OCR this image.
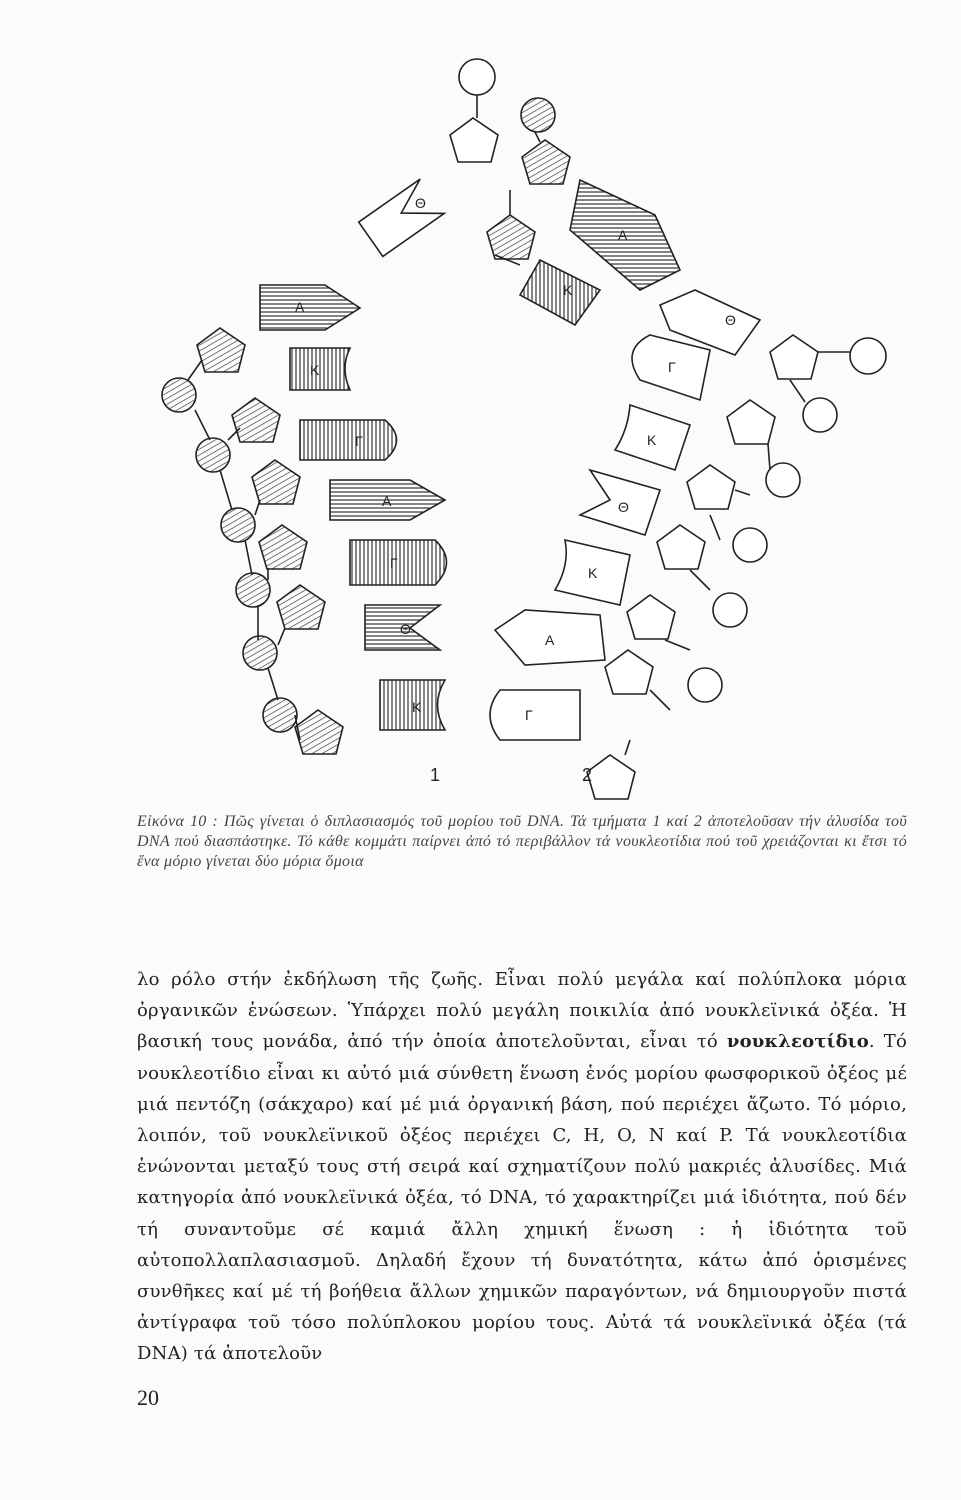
Θ
Α
Κ
Γ
Α
Γ
Θ
Κ
Α
Κ
Θ
Γ
Κ
Θ
Κ
Α
Γ
1	2
Εἰκόνα 10 : Πῶς γίνεται ὁ διπλασιασμός τοῦ μορίου τοῦ DNA. Τά τμήματα 1 καί 2 ἀποτελοῦσαν τήν ἁλυσίδα τοῦ DNA πού διασπάστηκε. Τό κάθε κομμάτι παίρνει ἀπό τό περιβάλλον τά νουκλεοτίδια πού τοῦ χρειάζονται κι ἔτσι τό ἕνα μόριο γίνεται δύο μόρια ὅμοια
λο ρόλο στήν ἐκδήλωση τῆς ζωῆς. Εἶναι πολύ μεγάλα καί πολύπλοκα μόρια ὀργανικῶν ἑνώσεων. Ὑπάρχει πολύ μεγάλη ποικιλία ἀπό νουκλεϊνικά ὀξέα. Ἡ βασική τους μονάδα, ἀπό τήν ὁποία ἀποτελοῦνται, εἶναι τό νουκλεοτίδιο. Τό νουκλεοτίδιο εἶναι κι αὐτό μιά σύνθετη ἕνωση ἑνός μορίου φωσφορικοῦ ὀξέος μέ μιά πεντόζη (σάκχαρο) καί μέ μιά ὀργανική βάση, πού περιέχει ἄζωτο. Τό μόριο, λοιπόν, τοῦ νουκλεϊνικοῦ ὀξέος περιέχει C, H, O, N καί P. Τά νουκλεοτίδια ἑνώνονται μεταξύ τους στή σειρά καί σχηματίζουν πολύ μακριές ἁλυσίδες. Μιά κατηγορία ἀπό νουκλεϊνικά ὀξέα, τό DNA, τό χαρακτηρίζει μιά ἰδιότητα, πού δέν τή συναντοῦμε σέ καμιά ἄλλη χημική ἕνωση : ἡ ἰδιότητα τοῦ αὐτοπολλαπλασιασμοῦ. Δηλαδή ἔχουν τή δυνατότητα, κάτω ἀπό ὁρισμένες συνθῆκες καί μέ τή βοήθεια ἄλλων χημικῶν παραγόντων, νά δημιουργοῦν πιστά ἀντίγραφα τοῦ τόσο πολύπλοκου μορίου τους. Αὐτά τά νουκλεϊνικά ὀξέα (τά DNA) τά ἀποτελοῦν
20
